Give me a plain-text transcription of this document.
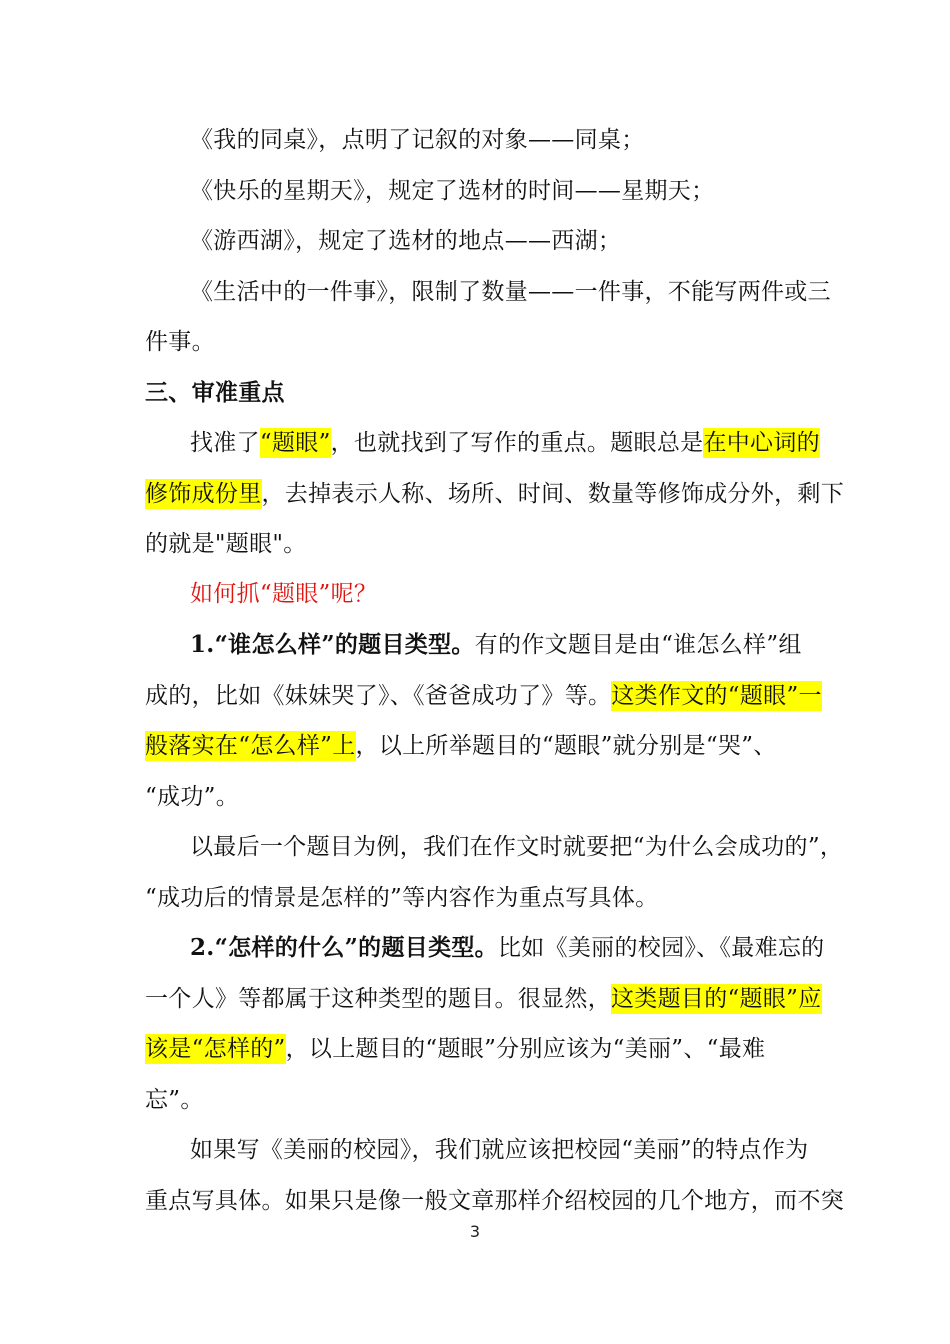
《我的同桌》，点明了记叙的对象——同桌；
《快乐的星期天》，规定了选材的时间——星期天；
《游西湖》，规定了选材的地点——西湖；
《生活中的一件事》，限制了数量——一件事，不能写两件或三
件事。
三、审准重点
找准了“题眼”，也就找到了写作的重点。题眼总是在中心词的
修饰成份里，去掉表示人称、场所、时间、数量等修饰成分外，剩下
的就是"题眼"。
如何抓“题眼”呢？
1.“谁怎么样”的题目类型。有的作文题目是由“谁怎么样”组
成的，比如《妹妹哭了》、《爸爸成功了》等。这类作文的“题眼”一
般落实在“怎么样”上，以上所举题目的“题眼”就分别是“哭”、
“成功”。
以最后一个题目为例，我们在作文时就要把“为什么会成功的”，
“成功后的情景是怎样的”等内容作为重点写具体。
2.“怎样的什么”的题目类型。比如《美丽的校园》、《最难忘的
一个人》等都属于这种类型的题目。很显然，这类题目的“题眼”应
该是“怎样的”，以上题目的“题眼”分别应该为“美丽”、“最难
忘”。
如果写《美丽的校园》，我们就应该把校园“美丽”的特点作为
重点写具体。如果只是像一般文章那样介绍校园的几个地方，而不突
3
